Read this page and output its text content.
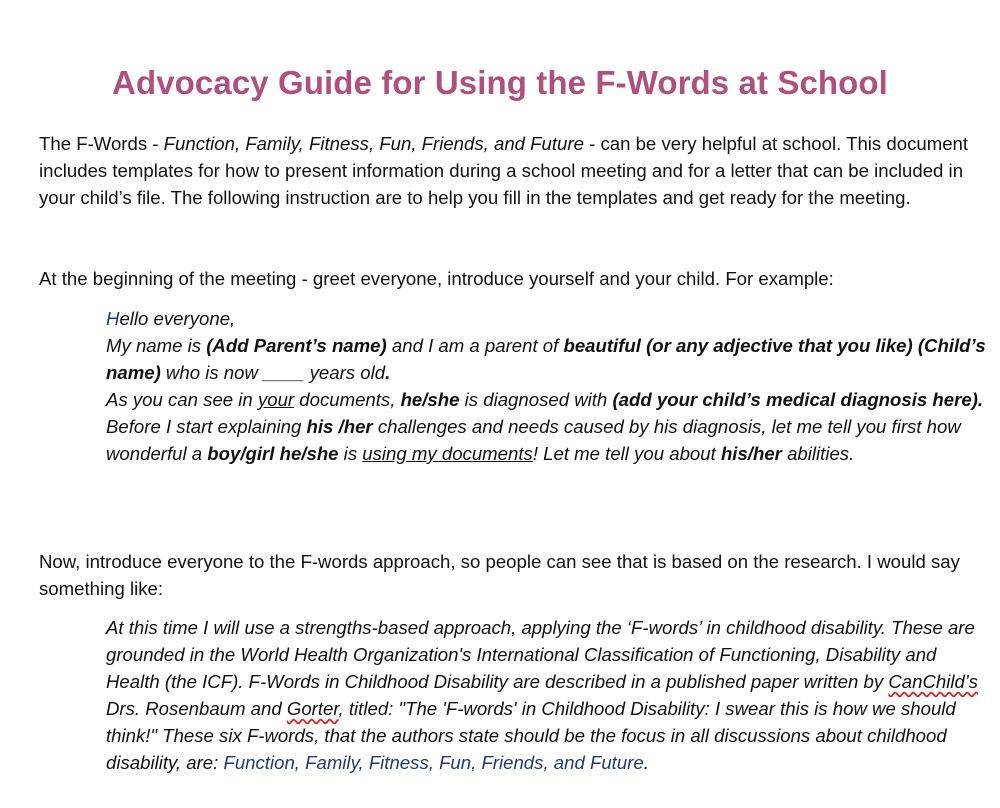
Advocacy Guide for Using the F-Words at School

The F-Words - Function, Family, Fitness, Fun, Friends, and Future - can be very helpful at school. This document includes templates for how to present information during a school meeting and for a letter that can be included in your child’s file. The following instruction are to help you fill in the templates and get ready for the meeting.

At the beginning of the meeting - greet everyone, introduce yourself and your child. For example:

Hello everyone,
My name is (Add Parent’s name) and I am a parent of beautiful (or any adjective that you like) (Child’s name) who is now ____ years old.
As you can see in your documents, he/she is diagnosed with (add your child’s medical diagnosis here).
Before I start explaining his /her challenges and needs caused by his diagnosis, let me tell you first how wonderful a boy/girl he/she is using my documents! Let me tell you about his/her abilities.

Now, introduce everyone to the F-words approach, so people can see that is based on the research. I would say something like:

At this time I will use a strengths-based approach, applying the ‘F-words’ in childhood disability. These are grounded in the World Health Organization's International Classification of Functioning, Disability and Health (the ICF). F-Words in Childhood Disability are described in a published paper written by CanChild’s Drs. Rosenbaum and Gorter, titled: "The 'F-words' in Childhood Disability: I swear this is how we should think!" These six F-words, that the authors state should be the focus in all discussions about childhood disability, are: Function, Family, Fitness, Fun, Friends, and Future.
